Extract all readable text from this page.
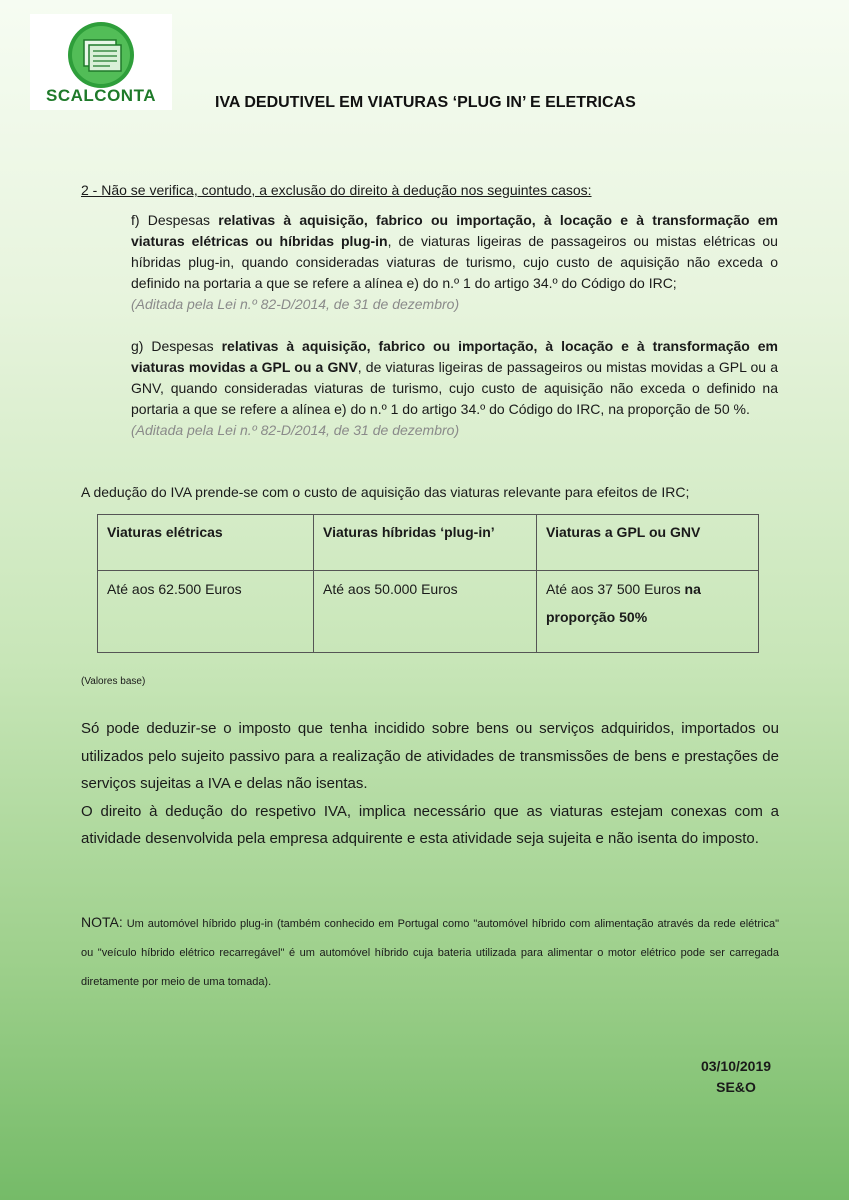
SCALCONTA	IVA DEDUTIVEL EM VIATURAS ‘PLUG IN’ E ELETRICAS
2 - Não se verifica, contudo, a exclusão do direito à dedução nos seguintes casos:
f) Despesas relativas à aquisição, fabrico ou importação, à locação e à transformação em viaturas elétricas ou híbridas plug-in, de viaturas ligeiras de passageiros ou mistas elétricas ou híbridas plug-in, quando consideradas viaturas de turismo, cujo custo de aquisição não exceda o definido na portaria a que se refere a alínea e) do n.º 1 do artigo 34.º do Código do IRC;
(Aditada pela Lei n.º 82-D/2014, de 31 de dezembro)
g) Despesas relativas à aquisição, fabrico ou importação, à locação e à transformação em viaturas movidas a GPL ou a GNV, de viaturas ligeiras de passageiros ou mistas movidas a GPL ou a GNV, quando consideradas viaturas de turismo, cujo custo de aquisição não exceda o definido na portaria a que se refere a alínea e) do n.º 1 do artigo 34.º do Código do IRC, na proporção de 50 %.
(Aditada pela Lei n.º 82-D/2014, de 31 de dezembro)
A dedução do IVA prende-se com o custo de aquisição das viaturas relevante para efeitos de IRC;
Viaturas elétricas	Viaturas híbridas ‘plug-in’	Viaturas a GPL ou GNV
Até aos 62.500 Euros	Até aos 50.000 Euros	Até aos 37 500 Euros na proporção 50%
(Valores base)
Só pode deduzir-se o imposto que tenha incidido sobre bens ou serviços adquiridos, importados ou utilizados pelo sujeito passivo para a realização de atividades de transmissões de bens e prestações de serviços sujeitas a IVA e delas não isentas.
O direito à dedução do respetivo IVA, implica necessário que as viaturas estejam conexas com a atividade desenvolvida pela empresa adquirente e esta atividade seja sujeita e não isenta do imposto.
NOTA: Um automóvel híbrido plug-in (também conhecido em Portugal como "automóvel híbrido com alimentação através da rede elétrica" ou "veículo híbrido elétrico recarregável" é um automóvel híbrido cuja bateria utilizada para alimentar o motor elétrico pode ser carregada diretamente por meio de uma tomada).
03/10/2019
SE&O
